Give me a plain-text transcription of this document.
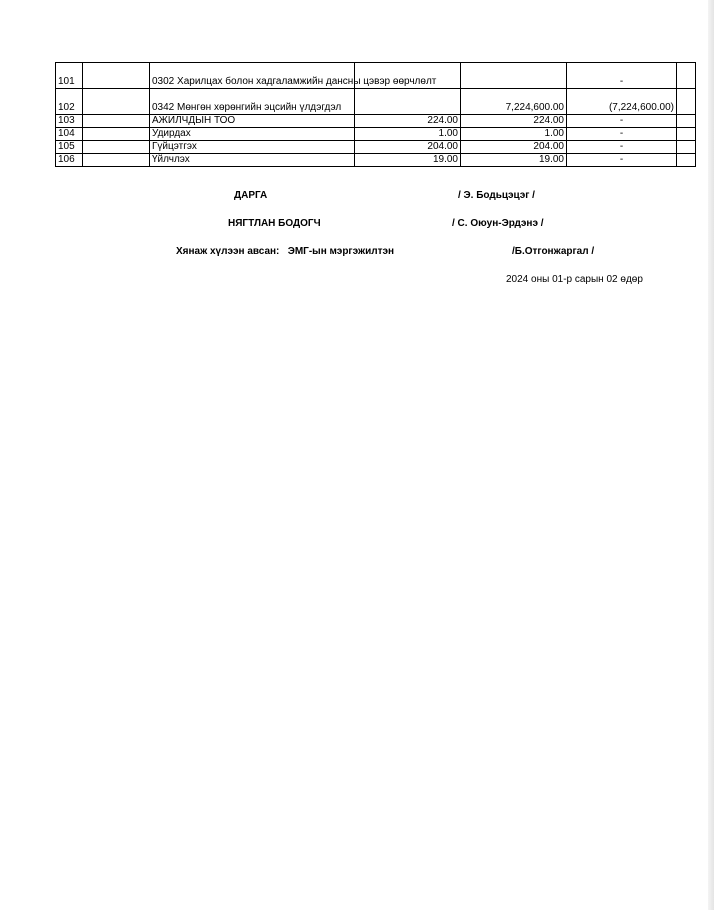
101		0302 Харилцах болон хадгаламжийн дансны цэвэр өөрчлөлт			-	
102		0342 Мөнгөн хөрөнгийн эцсийн үлдэгдэл		7,224,600.00	(7,224,600.00)	
103		АЖИЛЧДЫН ТОО	224.00	224.00	-	
104		Удирдах	1.00	1.00	-	
105		Гүйцэтгэх	204.00	204.00	-	
106		Үйлчлэх	19.00	19.00	-	
ДАРГА	/ Э. Бодьцэцэг /
НЯГТЛАН БОДОГЧ	/ С. Оюун-Эрдэнэ /
Хянаж хүлээн авсан:   ЭМГ-ын мэргэжилтэн	/Б.Отгонжаргал /
2024 оны 01-р сарын 02 өдөр
